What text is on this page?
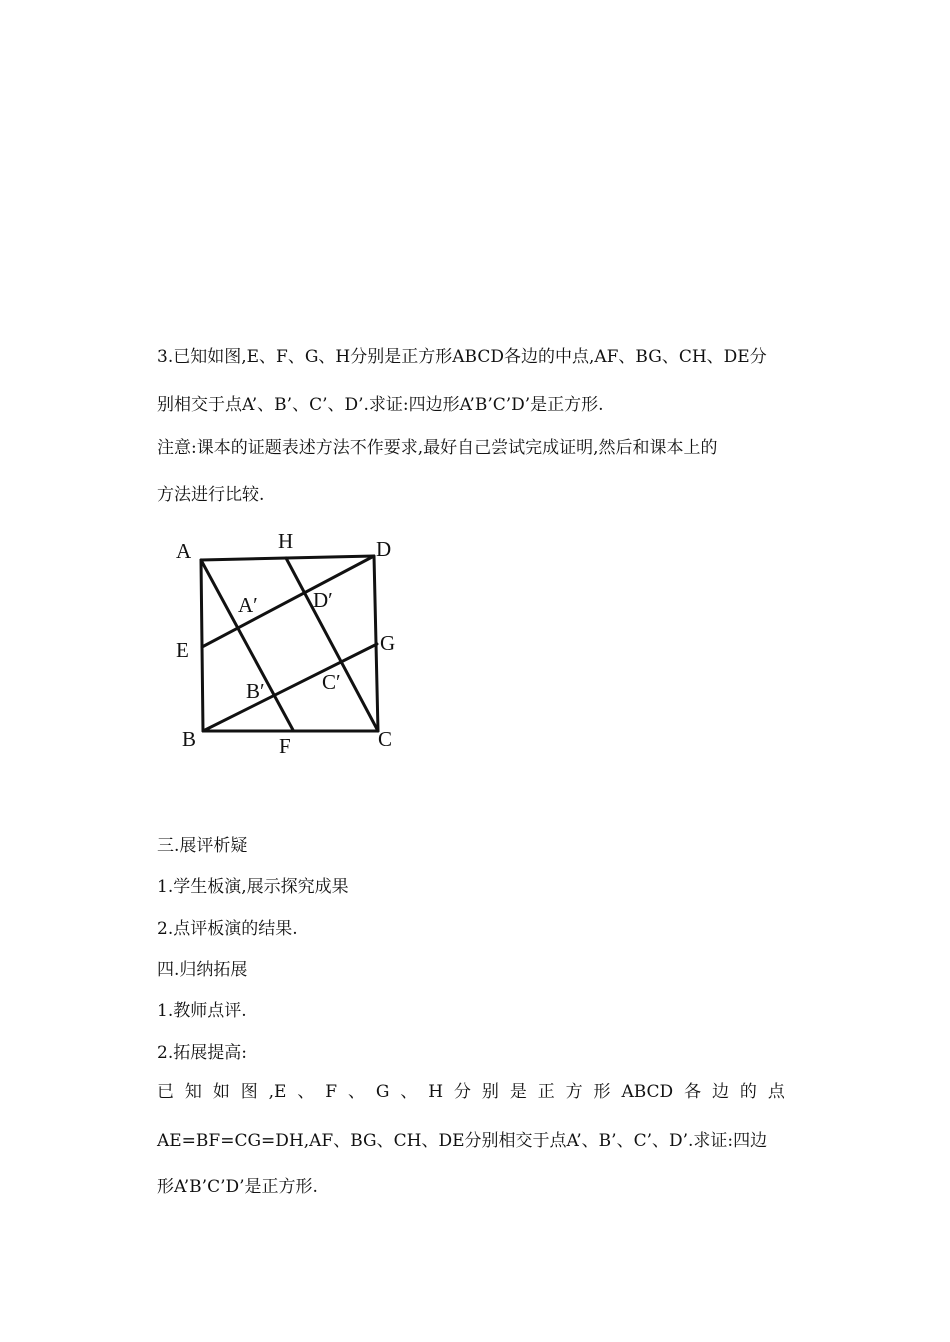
3.已知如图,E、F、G、H分别是正方形ABCD各边的中点,AF、BG、CH、DE分
别相交于点A’、B’、C’、D’.求证:四边形A’B’C’D’是正方形.
注意:课本的证题表述方法不作要求,最好自己尝试完成证明,然后和课本上的
方法进行比较.
A	H	D
A′	D′
E	G
C′
B′
B	F	C
三.展评析疑
1.学生板演,展示探究成果
2.点评板演的结果.
四.归纳拓展
1.教师点评.
2.拓展提高:
已 知 如 图 ,E 、 F 、 G 、 H 分 别 是 正 方 形 ABCD 各 边 的 点
AE=BF=CG=DH,AF、BG、CH、DE分别相交于点A’、B’、C’、D’.求证:四边
形A’B’C’D’是正方形.
